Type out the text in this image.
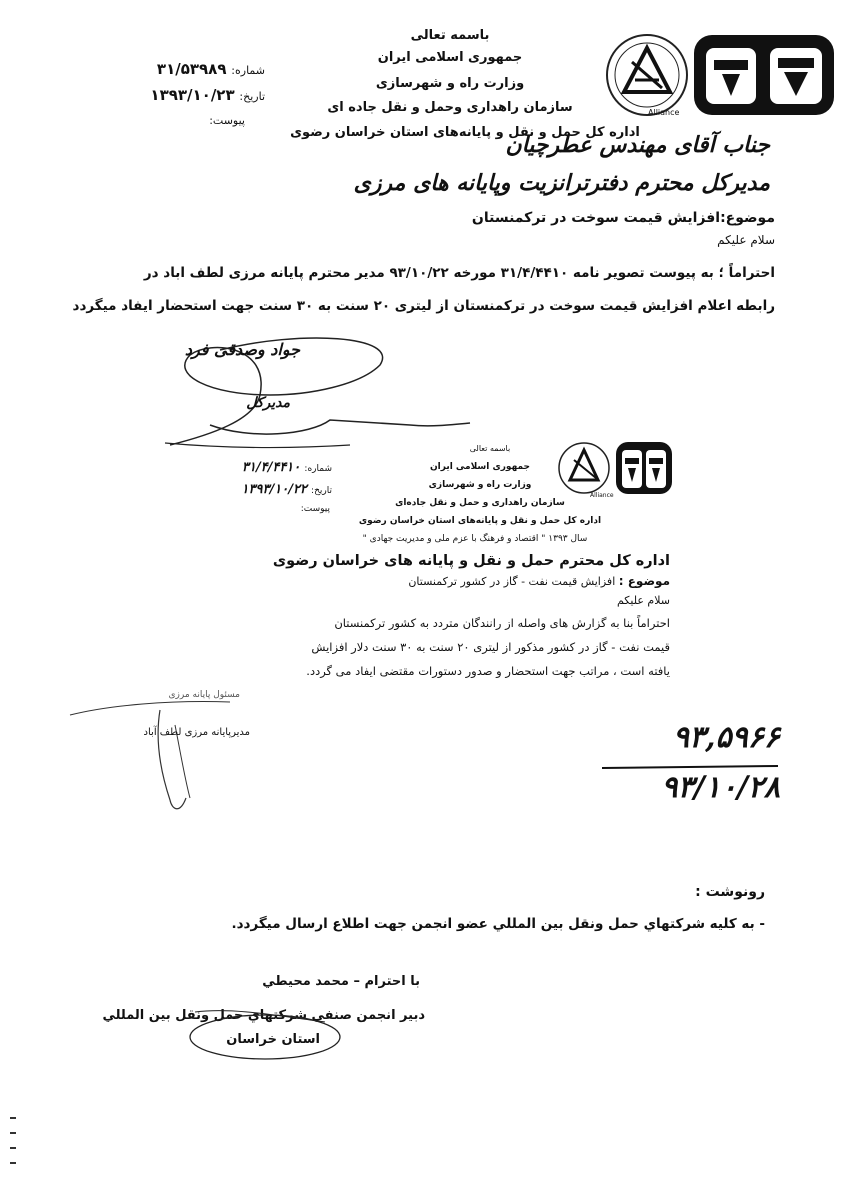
باسمه تعالی
جمهوری اسلامی ایران
وزارت راه و شهرسازی
سازمان راهداری وحمل و نقل جاده ای
اداره کل حمل و نقل و پایانه‌های استان خراسان رضوی
شماره: ۳۱/۵۳۹۸۹
تاریخ: ۱۳۹۳/۱۰/۲۳
پیوست:
Alliance
جناب آقای مهندس عطرچیان
مدیرکل محترم دفترترانزیت وپایانه های مرزی
موضوع:افزایش قیمت سوخت در ترکمنستان
سلام علیکم
احتراماً ؛ به پیوست تصویر نامه ۳۱/۴/۴۴۱۰ مورخه ۹۳/۱۰/۲۲ مدیر محترم پایانه مرزی لطف اباد در
رابطه اعلام افزایش قیمت سوخت در ترکمنستان از لیتری ۲۰ سنت به ۳۰ سنت جهت استحضار ایفاد میگردد
جواد وصدقی فرد
مدیرکل
باسمه تعالی
جمهوری اسلامی ایران
وزارت راه و شهرسازی
سازمان راهداری و حمل و نقل جاده‌ای
اداره کل حمل و نقل و پایانه‌های استان خراسان رضوی
سال ۱۳۹۳ " اقتصاد و فرهنگ با عزم ملی و مدیریت جهادی "
شماره: ۳۱/۴/۴۴۱۰
تاریخ: ۱۳۹۳/۱۰/۲۲
پیوست:
Alliance
اداره کل محترم حمل و نقل و پایانه های خراسان رضوی
موضوع : افزایش قیمت نفت - گاز در کشور ترکمنستان
سلام علیکم
احتراماً بنا به گزارش های واصله از رانندگان متردد به کشور ترکمنستان
قیمت نفت - گاز در کشور مذکور از لیتری ۲۰ سنت به ۳۰ سنت دلار افزایش
یافته است ، مراتب جهت استحضار و صدور دستورات مقتضی ایفاد می گردد.
مسئول پایانه مرزی
مدیرپایانه مرزی لطف آباد	۹۳,۵۹۶۶
۹۳/۱۰/۲۸
رونوشت :
- به كليه شركتهاي حمل ونقل بين المللي عضو انجمن جهت اطلاع ارسال ميگردد.
با احترام – محمد محيطي
دبير انجمن صنفي شركتهاي حمل ونقل بين المللي
استان خراسان
